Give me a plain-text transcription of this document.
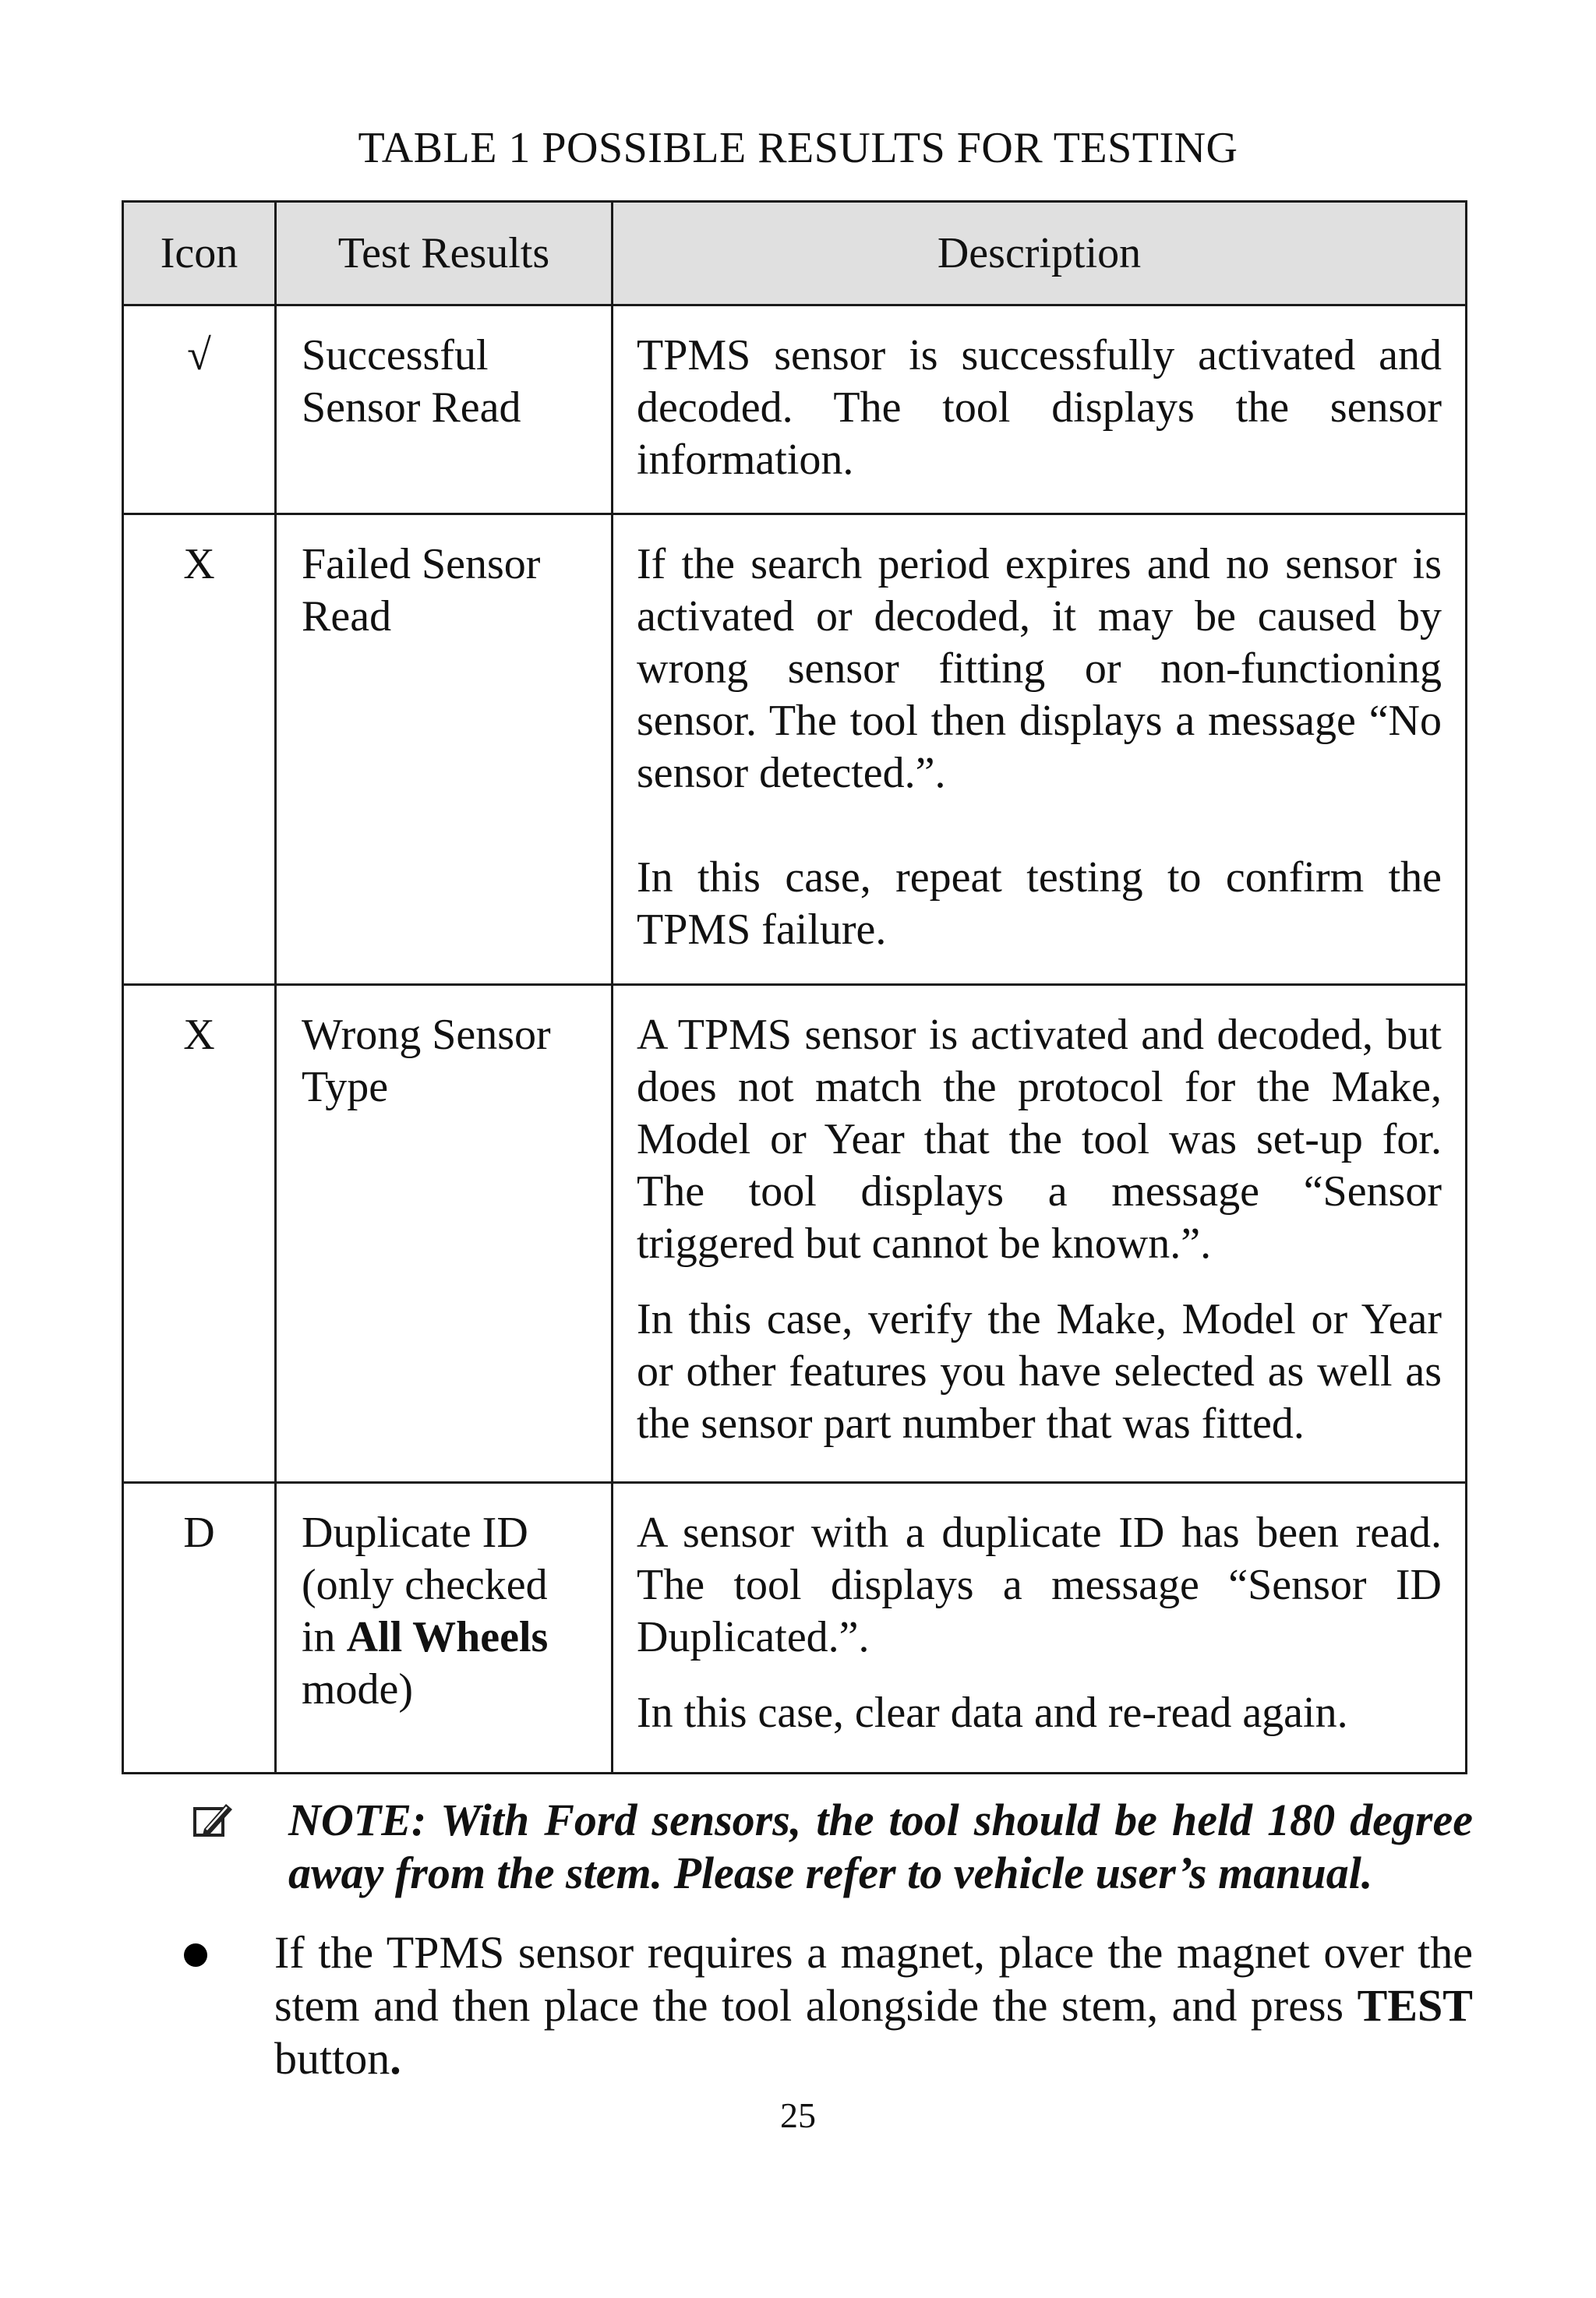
TABLE 1 POSSIBLE RESULTS FOR TESTING
Icon	Test Results	Description
√	Successful Sensor Read	TPMS sensor is successfully activated and decoded. The tool displays the sensor information.

X	Failed Sensor Read	If the search period expires and no sensor is activated or decoded, it may be caused by wrong sensor fitting or non-functioning sensor. The tool then displays a message “No sensor detected.”.

In this case, repeat testing to confirm the TPMS failure.

X	Wrong Sensor Type	A TPMS sensor is activated and decoded, but does not match the protocol for the Make, Model or Year that the tool was set-up for. The tool displays a message “Sensor triggered but cannot be known.”.

In this case, verify the Make, Model or Year or other features you have selected as well as the sensor part number that was fitted.

D	Duplicate ID (only checked in All Wheels mode)	A sensor with a duplicate ID has been read. The tool displays a message “Sensor ID Duplicated.”.

In this case, clear data and re-read again.

NOTE: With Ford sensors, the tool should be held 180 degree away from the stem. Please refer to vehicle user’s manual.
If the TPMS sensor requires a magnet, place the magnet over the stem and then place the tool alongside the stem, and press TEST button.
25
